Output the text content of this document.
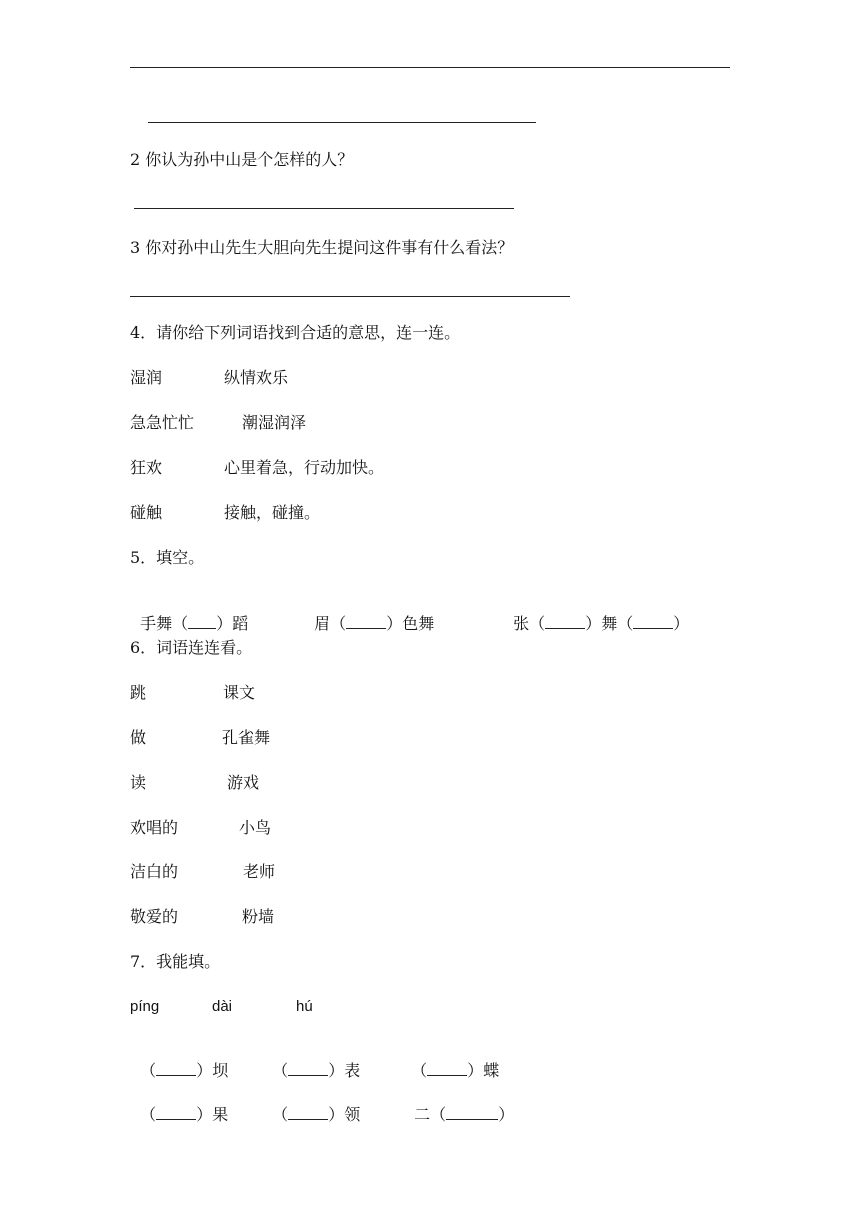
2 你认为孙中山是个怎样的人？
3 你对孙中山先生大胆向先生提问这件事有什么看法？
4．请你给下列词语找到合适的意思，连一连。
湿润	纵情欢乐
急急忙忙	潮湿润泽
狂欢	心里着急，行动加快。
碰触	接触，碰撞。
5．填空。

手舞（ ）蹈	眉（	）色舞	张（	）舞（	）

6．词语连连看。
跳	课文
做	孔雀舞
读	游戏
欢唱的	小鸟
洁白的	老师
敬爱的	粉墙
7．我能填。
píng	dài	hú

（	）坝	（	）表	（	）蝶

（	）果	（	）领	二（	）
